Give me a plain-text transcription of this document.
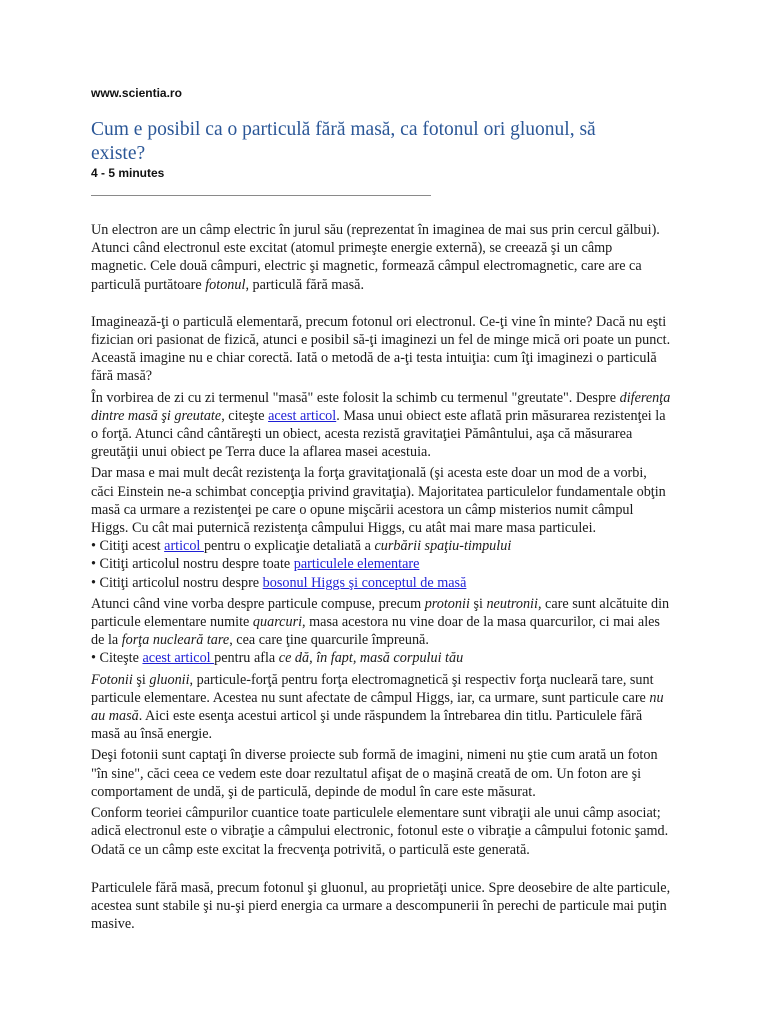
www.scientia.ro
Cum e posibil ca o particulă fără masă, ca fotonul ori gluonul, să existe?
4 - 5 minutes

Un electron are un câmp electric în jurul său (reprezentat în imaginea de mai sus prin cercul gălbui). Atunci când electronul este excitat (atomul primeşte energie externă), se creează şi un câmp magnetic. Cele două câmpuri, electric şi magnetic, formează câmpul electromagnetic, care are ca particulă purtătoare fotonul, particulă fără masă.

Imaginează-ţi o particulă elementară, precum fotonul ori electronul. Ce-ţi vine în minte? Dacă nu eşti fizician ori pasionat de fizică, atunci e posibil să-ţi imaginezi un fel de minge mică ori poate un punct. Această imagine nu e chiar corectă. Iată o metodă de a-ţi testa intuiţia: cum îţi imaginezi o particulă fără masă?

În vorbirea de zi cu zi termenul "masă" este folosit la schimb cu termenul "greutate". Despre diferenţa dintre masă şi greutate, citeşte acest articol. Masa unui obiect este aflată prin măsurarea rezistenţei la o forţă. Atunci când cântăreşti un obiect, acesta rezistă gravitaţiei Pământului, aşa că măsurarea greutăţii unui obiect pe Terra duce la aflarea masei acestuia.

Dar masa e mai mult decât rezistenţa la forţa gravitaţională (şi acesta este doar un mod de a vorbi, căci Einstein ne-a schimbat concepţia privind gravitaţia). Majoritatea particulelor fundamentale obţin masă ca urmare a rezistenţei pe care o opune mişcării acestora un câmp misterios numit câmpul Higgs. Cu cât mai puternică rezistenţa câmpului Higgs, cu atât mai mare masa particulei.

• Citiţi acest articol pentru o explicaţie detaliată a curbării spaţiu-timpului

• Citiţi articolul nostru despre toate particulele elementare

• Citiţi articolul nostru despre bosonul Higgs şi conceptul de masă

Atunci când vine vorba despre particule compuse, precum protonii şi neutronii, care sunt alcătuite din particule elementare numite quarcuri, masa acestora nu vine doar de la masa quarcurilor, ci mai ales de la forţa nucleară tare, cea care ţine quarcurile împreună.

• Citeşte acest articol pentru afla ce dă, în fapt, masă corpului tău

Fotonii şi gluonii, particule-forţă pentru forţa electromagnetică şi respectiv forţa nucleară tare, sunt particule elementare. Acestea nu sunt afectate de câmpul Higgs, iar, ca urmare, sunt particule care nu au masă. Aici este esenţa acestui articol şi unde răspundem la întrebarea din titlu. Particulele fără masă au însă energie.

Deşi fotonii sunt captaţi în diverse proiecte sub formă de imagini, nimeni nu ştie cum arată un foton "în sine", căci ceea ce vedem este doar rezultatul afişat de o maşină creată de om. Un foton are şi comportament de undă, şi de particulă, depinde de modul în care este măsurat.

Conform teoriei câmpurilor cuantice toate particulele elementare sunt vibraţii ale unui câmp asociat; adică electronul este o vibraţie a câmpului electronic, fotonul este o vibraţie a câmpului fotonic şamd. Odată ce un câmp este excitat la frecvenţa potrivită, o particulă este generată.

Particulele fără masă, precum fotonul şi gluonul, au proprietăţi unice. Spre deosebire de alte particule, acestea sunt stabile şi nu-şi pierd energia ca urmare a descompunerii în perechi de particule mai puţin masive.
